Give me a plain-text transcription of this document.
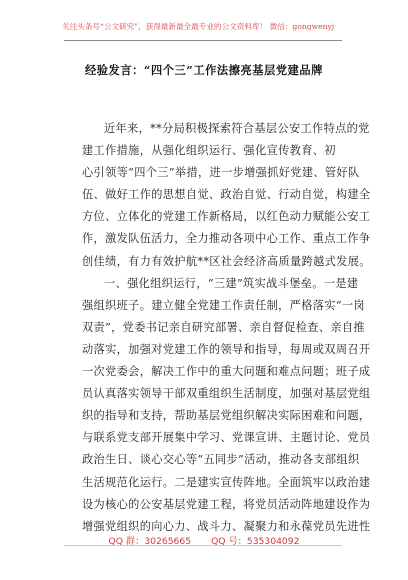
关注头条号“公文研究”，获得最新最全最专业的公文资料库！ 微信：gongwenyj
经验发言：“四个三”工作法擦亮基层党建品牌
近年来，**分局积极探索符合基层公安工作特点的党
建工作措施，从强化组织运行、强化宣传教育、初
心引领等“四个三”举措，进一步增强抓好党建、管好队
伍、做好工作的思想自觉、政治自觉、行动自觉，构建全
方位、立体化的党建工作新格局，以红色动力赋能公安工
作，激发队伍活力，全力推动各项中心工作、重点工作争
创佳绩，有力有效护航**区社会经济高质量跨越式发展。
一、强化组织运行，“三建”筑实战斗堡垒。一是建
强组织班子。建立健全党建工作责任制，严格落实“一岗
双责”，党委书记亲自研究部署、亲自督促检查、亲自推
动落实，加强对党建工作的领导和指导，每周或双周召开
一次党委会，解决工作中的重大问题和难点问题；班子成
员认真落实领导干部双重组织生活制度，加强对基层党组
织的指导和支持，帮助基层党组织解决实际困难和问题，
与联系党支部开展集中学习、党课宣讲、主题讨论、党员
政治生日、谈心交心等“五同步”活动，推动各支部组织
生活规范化运行。二是建实宣传阵地。全面筑牢以政治建
设为核心的公安基层党建工程，将党员活动阵地建设作为
增强党组织的向心力、战斗力、凝聚力和永葆党员先进性
QQ 群：30265665 QQ 号：535304092
